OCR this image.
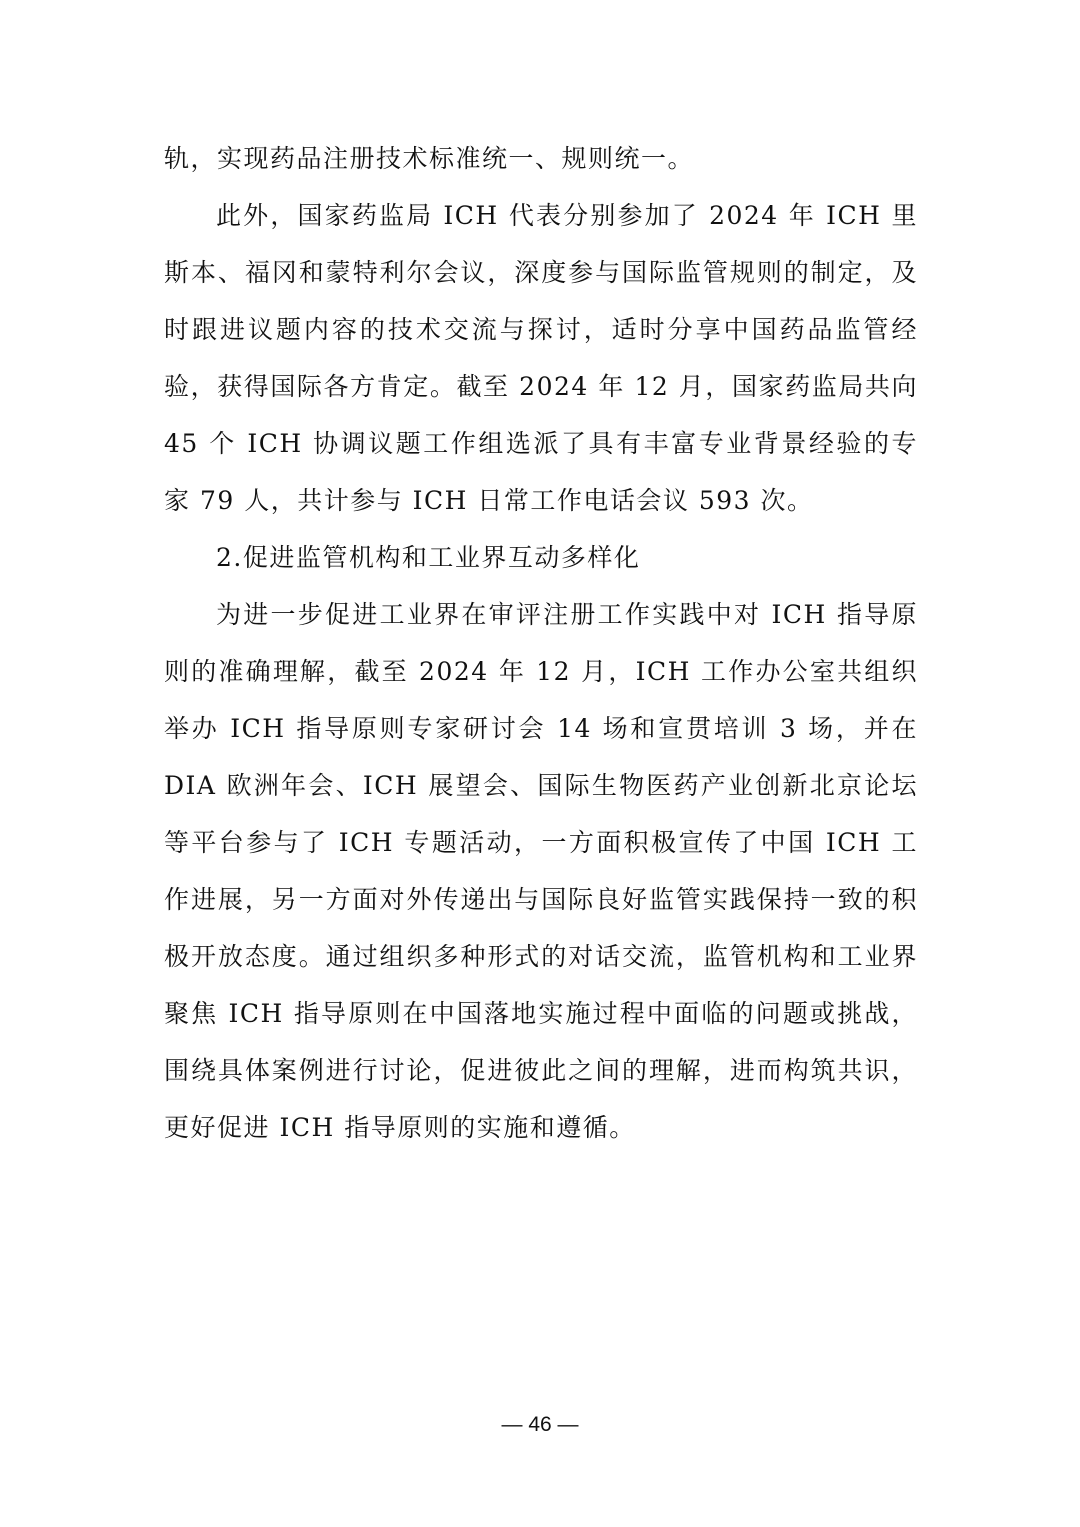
轨，实现药品注册技术标准统一、规则统一。

此外，国家药监局 ICH 代表分别参加了 2024 年 ICH 里斯本、福冈和蒙特利尔会议，深度参与国际监管规则的制定，及时跟进议题内容的技术交流与探讨，适时分享中国药品监管经验，获得国际各方肯定。截至 2024 年 12 月，国家药监局共向 45 个 ICH 协调议题工作组选派了具有丰富专业背景经验的专家 79 人，共计参与 ICH 日常工作电话会议 593 次。

2.促进监管机构和工业界互动多样化

为进一步促进工业界在审评注册工作实践中对 ICH 指导原则的准确理解，截至 2024 年 12 月，ICH 工作办公室共组织举办 ICH 指导原则专家研讨会 14 场和宣贯培训 3 场，并在 DIA 欧洲年会、ICH 展望会、国际生物医药产业创新北京论坛等平台参与了 ICH 专题活动，一方面积极宣传了中国 ICH 工作进展，另一方面对外传递出与国际良好监管实践保持一致的积极开放态度。通过组织多种形式的对话交流，监管机构和工业界聚焦 ICH 指导原则在中国落地实施过程中面临的问题或挑战，围绕具体案例进行讨论，促进彼此之间的理解，进而构筑共识，更好促进 ICH 指导原则的实施和遵循。

— 46 —
